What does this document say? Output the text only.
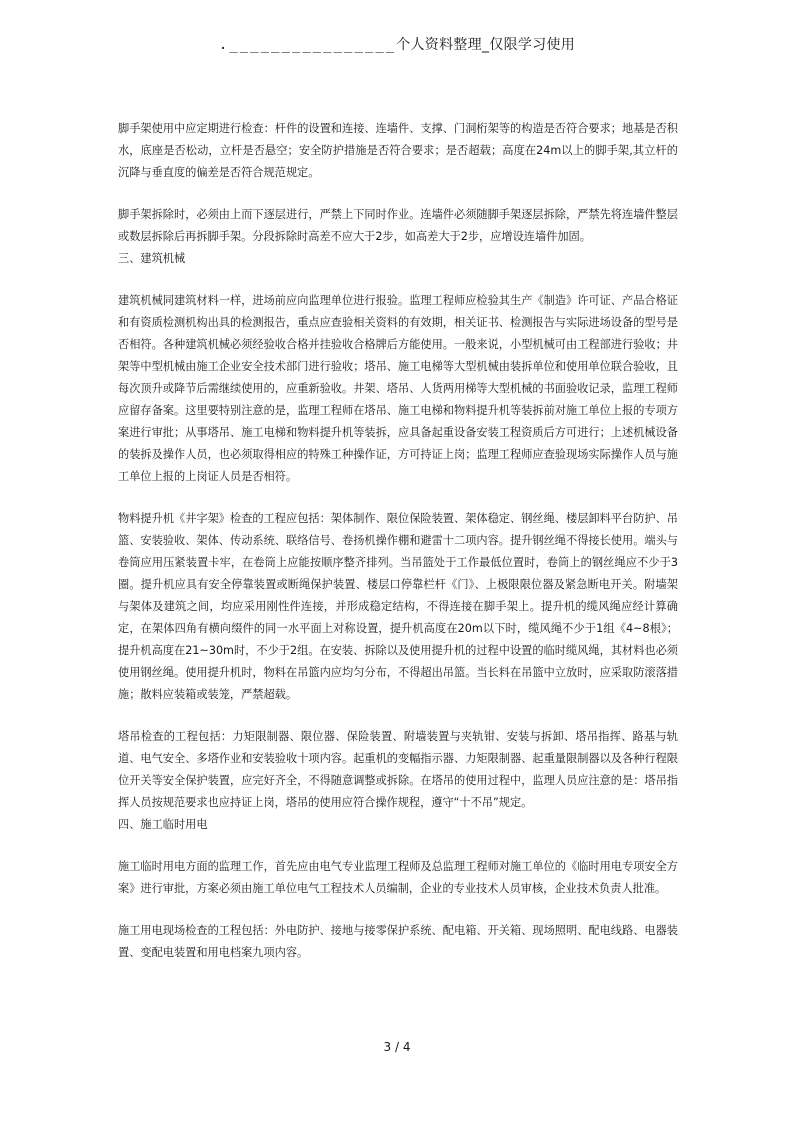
.________________个人资料整理_仅限学习使用

脚手架使用中应定期进行检查：杆件的设置和连接、连墙件、支撑、门洞桁架等的构造是否符合要求；地基是否积水，底座是否松动，立杆是否悬空；安全防护措施是否符合要求；是否超载；高度在24m以上的脚手架,其立杆的沉降与垂直度的偏差是否符合规范规定。

脚手架拆除时，必须由上而下逐层进行，严禁上下同时作业。连墙件必须随脚手架逐层拆除，严禁先将连墙件整层或数层拆除后再拆脚手架。分段拆除时高差不应大于2步，如高差大于2步，应增设连墙件加固。

三、建筑机械

建筑机械同建筑材料一样，进场前应向监理单位进行报验。监理工程师应检验其生产《制造》许可证、产品合格证和有资质检测机构出具的检测报告，重点应查验相关资料的有效期，相关证书、检测报告与实际进场设备的型号是否相符。各种建筑机械必须经验收合格并挂验收合格牌后方能使用。一般来说，小型机械可由工程部进行验收；井架等中型机械由施工企业安全技术部门进行验收；塔吊、施工电梯等大型机械由装拆单位和使用单位联合验收，且每次顶升或降节后需继续使用的，应重新验收。井架、塔吊、人货两用梯等大型机械的书面验收记录，监理工程师应留存备案。这里要特别注意的是，监理工程师在塔吊、施工电梯和物料提升机等装拆前对施工单位上报的专项方案进行审批；从事塔吊、施工电梯和物料提升机等装拆，应具备起重设备安装工程资质后方可进行；上述机械设备的装拆及操作人员，也必须取得相应的特殊工种操作证，方可持证上岗；监理工程师应查验现场实际操作人员与施工单位上报的上岗证人员是否相符。

物料提升机《井字架》检查的工程应包括：架体制作、限位保险装置、架体稳定、钢丝绳、楼层卸料平台防护、吊篮、安装验收、架体、传动系统、联络信号、卷扬机操作棚和避雷十二项内容。提升钢丝绳不得接长使用。端头与卷筒应用压紧装置卡牢，在卷筒上应能按顺序整齐排列。当吊篮处于工作最低位置时，卷筒上的钢丝绳应不少于3圈。提升机应具有安全停靠装置或断绳保护装置、楼层口停靠栏杆《门》、上极限限位器及紧急断电开关。附墙架与架体及建筑之间，均应采用刚性件连接，并形成稳定结构，不得连接在脚手架上。提升机的缆风绳应经计算确定，在架体四角有横向缀件的同一水平面上对称设置，提升机高度在20m以下时，缆风绳不少于1组《4~8根》；提升机高度在21~30m时，不少于2组。在安装、拆除以及使用提升机的过程中设置的临时缆风绳，其材料也必须使用钢丝绳。使用提升机时，物料在吊篮内应均匀分布，不得超出吊篮。当长料在吊篮中立放时，应采取防滚落措施；散料应装箱或装笼，严禁超载。

塔吊检查的工程包括：力矩限制器、限位器、保险装置、附墙装置与夹轨钳、安装与拆卸、塔吊指挥、路基与轨道、电气安全、多塔作业和安装验收十项内容。起重机的变幅指示器、力矩限制器、起重量限制器以及各种行程限位开关等安全保护装置，应完好齐全，不得随意调整或拆除。在塔吊的使用过程中，监理人员应注意的是：塔吊指挥人员按规范要求也应持证上岗，塔吊的使用应符合操作规程，遵守“十不吊”规定。

四、施工临时用电

施工临时用电方面的监理工作，首先应由电气专业监理工程师及总监理工程师对施工单位的《临时用电专项安全方案》进行审批，方案必须由施工单位电气工程技术人员编制，企业的专业技术人员审核，企业技术负责人批准。

施工用电现场检查的工程包括：外电防护、接地与接零保护系统、配电箱、开关箱、现场照明、配电线路、电器装置、变配电装置和用电档案九项内容。

3 / 4
